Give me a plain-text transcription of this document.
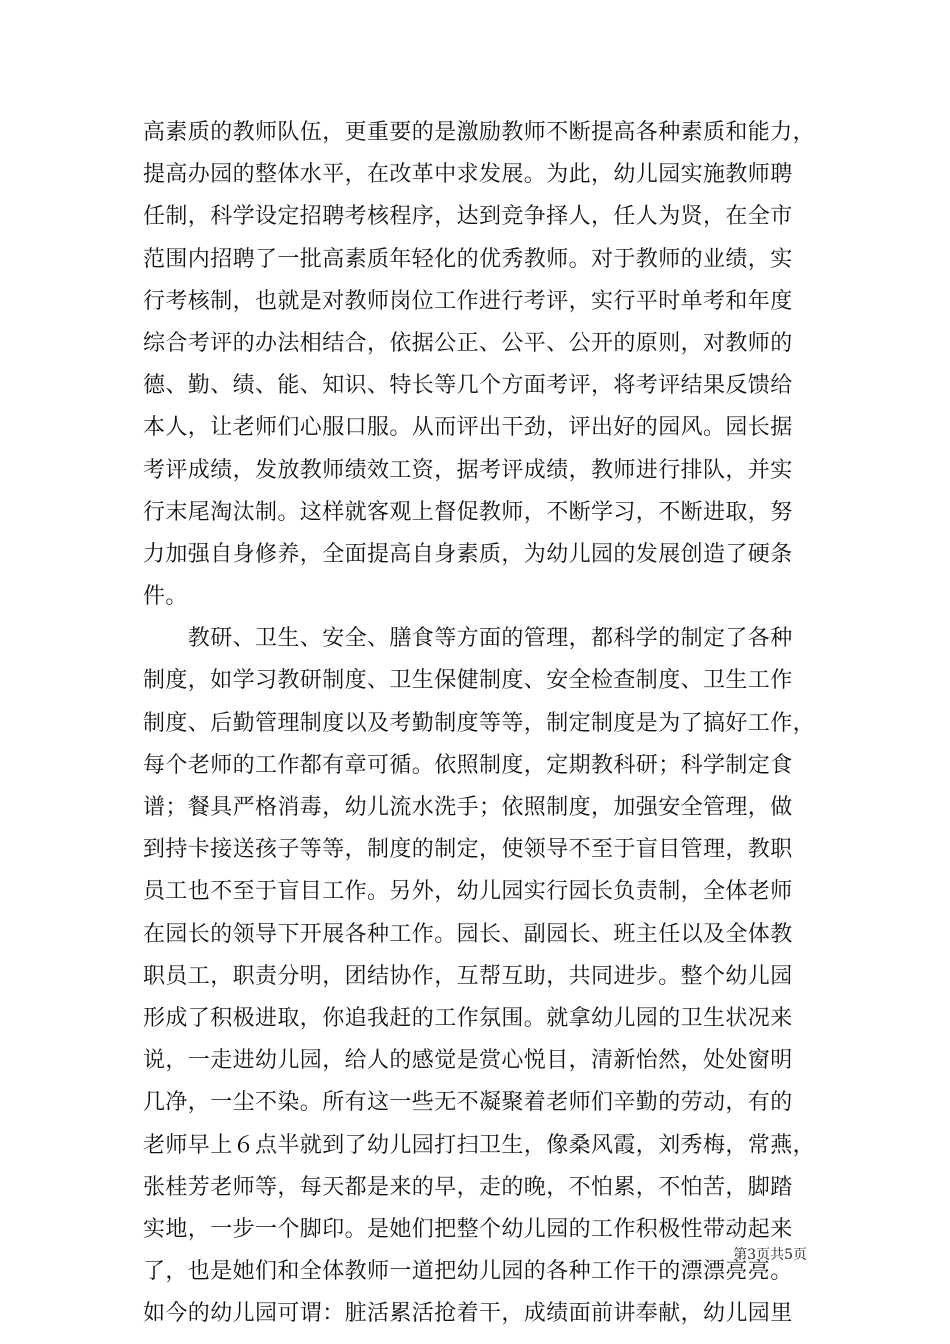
高素质的教师队伍，更重要的是激励教师不断提高各种素质和能力，
提高办园的整体水平，在改革中求发展。为此，幼儿园实施教师聘
任制，科学设定招聘考核程序，达到竞争择人，任人为贤，在全市
范围内招聘了一批高素质年轻化的优秀教师。对于教师的业绩，实
行考核制，也就是对教师岗位工作进行考评，实行平时单考和年度
综合考评的办法相结合，依据公正、公平、公开的原则，对教师的
德、勤、绩、能、知识、特长等几个方面考评，将考评结果反馈给
本人，让老师们心服口服。从而评出干劲，评出好的园风。园长据
考评成绩，发放教师绩效工资，据考评成绩，教师进行排队，并实
行末尾淘汰制。这样就客观上督促教师，不断学习，不断进取，努
力加强自身修养，全面提高自身素质，为幼儿园的发展创造了硬条
件。
　　教研、卫生、安全、膳食等方面的管理，都科学的制定了各种
制度，如学习教研制度、卫生保健制度、安全检查制度、卫生工作
制度、后勤管理制度以及考勤制度等等，制定制度是为了搞好工作，
每个老师的工作都有章可循。依照制度，定期教科研；科学制定食
谱；餐具严格消毒，幼儿流水洗手；依照制度，加强安全管理，做
到持卡接送孩子等等，制度的制定，使领导不至于盲目管理，教职
员工也不至于盲目工作。另外，幼儿园实行园长负责制，全体老师
在园长的领导下开展各种工作。园长、副园长、班主任以及全体教
职员工，职责分明，团结协作，互帮互助，共同进步。整个幼儿园
形成了积极进取，你追我赶的工作氛围。就拿幼儿园的卫生状况来
说，一走进幼儿园，给人的感觉是赏心悦目，清新怡然，处处窗明
几净，一尘不染。所有这一些无不凝聚着老师们辛勤的劳动，有的
老师早上６点半就到了幼儿园打扫卫生，像桑风霞，刘秀梅，常燕，
张桂芳老师等，每天都是来的早，走的晚，不怕累，不怕苦，脚踏
实地，一步一个脚印。是她们把整个幼儿园的工作积极性带动起来
了，也是她们和全体教师一道把幼儿园的各种工作干的漂漂亮亮。
如今的幼儿园可谓：脏活累活抢着干，成绩面前讲奉献，幼儿园里
第3页共5页
